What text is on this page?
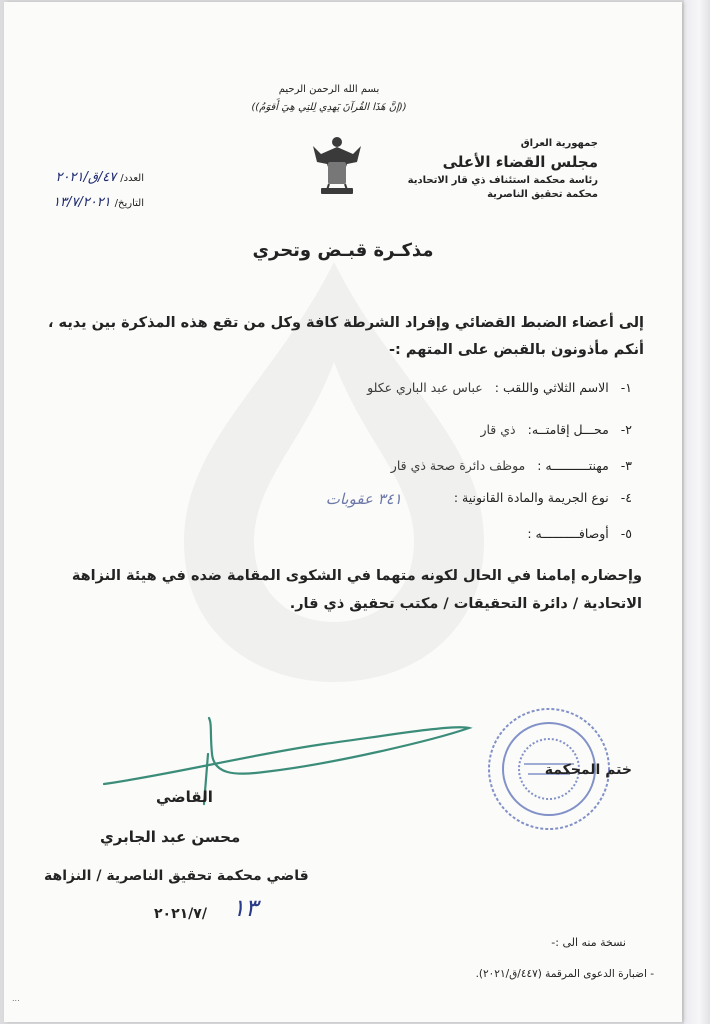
بسم الله الرحمن الرحيم
((إنَّ هَذَا القُرآنَ يَهدِي لِلتِي هِيَ أَقوَمُ))
جمهورية العراق
مجلس القضاء الأعلى
رئاسة محكمة استئناف ذي قار الاتحادية
محكمة تحقيق الناصرية
العدد/
٤٧/ق/٢٠٢١
التاريخ/
١٣/٧/٢٠٢١
مذكـرة قبـض وتحري
إلى أعضاء الضبط القضائي وإفراد الشرطة كافة وكل من تقع هذه المذكرة بين يديه ، أنكم مأذونون بالقبض على المتهم :-
١-
الاسم الثلاثي واللقب :
عباس عبد الباري عكلو
٢-
محـــل إقامتــه:
ذي قار
٣-
مهنتــــــــــه :
موظف دائرة صحة ذي قار
٤-
نوع الجريمة والمادة القانونية :
٣٤١ عقوبات
٥-
أوصافــــــــــه :
وإحضاره إمامنا في الحال لكونه متهما في الشكوى المقامة ضده في هيئة النزاهة الاتحادية / دائرة التحقيقات / مكتب تحقيق ذي قار.
ختم المحكمة
القاضي
محسن عبد الجابري
قاضي محكمة تحقيق الناصرية / النزاهة
٢٠٢١/٧/ ١٣
نسخة منه الى :-
- اضبارة الدعوى المرقمة (٤٤٧/ق/٢٠٢١).
...
